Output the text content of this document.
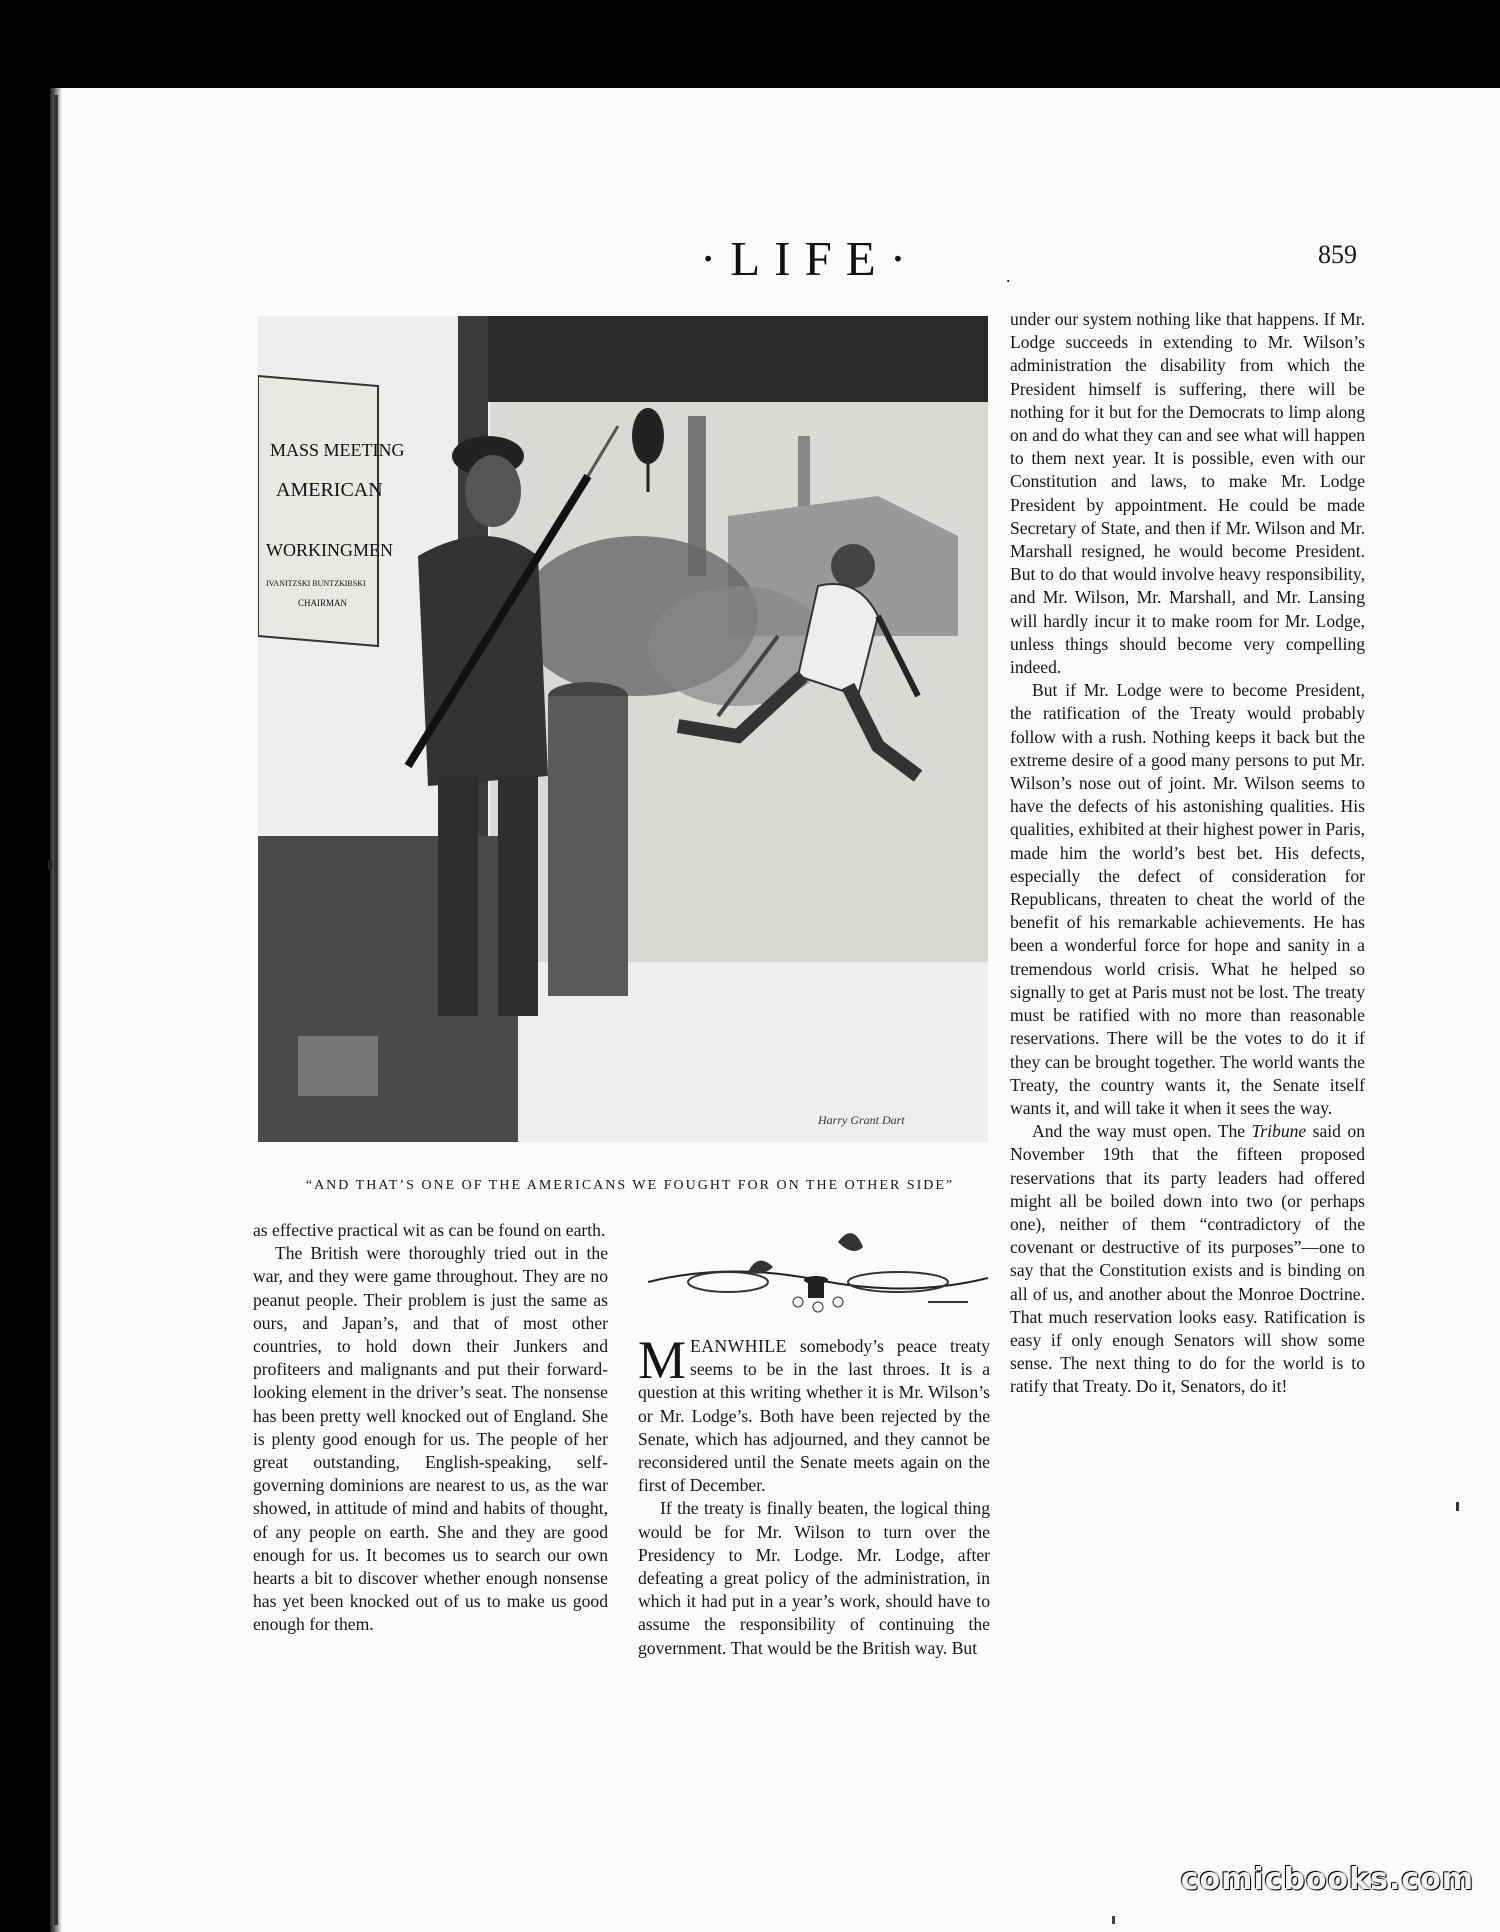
·LIFE·	859
.
MASS MEETING
AMERICAN
WORKINGMEN
IVANITZSKI BUNTZKIBSKI
CHAIRMAN
Harry Grant Dart
“AND THAT’S ONE OF THE AMERICANS WE FOUGHT FOR ON THE OTHER SIDE”

as effective practical wit as can be found on earth.

The British were thoroughly tried out in the war, and they were game throughout. They are no peanut people. Their problem is just the same as ours, and Japan’s, and that of most other countries, to hold down their Junkers and profiteers and malignants and put their forward-looking element in the driver’s seat. The nonsense has been pretty well knocked out of England. She is plenty good enough for us. The people of her great outstanding, English-speaking, self-governing dominions are nearest to us, as the war showed, in attitude of mind and habits of thought, of any people on earth. She and they are good enough for us. It becomes us to search our own hearts a bit to discover whether enough nonsense has yet been knocked out of us to make us good enough for them.

MEANWHILE somebody’s peace treaty seems to be in the last throes. It is a question at this writing whether it is Mr. Wilson’s or Mr. Lodge’s. Both have been rejected by the Senate, which has adjourned, and they cannot be reconsidered until the Senate meets again on the first of December.

If the treaty is finally beaten, the logical thing would be for Mr. Wilson to turn over the Presidency to Mr. Lodge. Mr. Lodge, after defeating a great policy of the administration, in which it had put in a year’s work, should have to assume the responsibility of continuing the government. That would be the British way. But

under our system nothing like that happens. If Mr. Lodge succeeds in extending to Mr. Wilson’s administration the disability from which the President himself is suffering, there will be nothing for it but for the Democrats to limp along on and do what they can and see what will happen to them next year. It is possible, even with our Constitution and laws, to make Mr. Lodge President by appointment. He could be made Secretary of State, and then if Mr. Wilson and Mr. Marshall resigned, he would become President. But to do that would involve heavy responsibility, and Mr. Wilson, Mr. Marshall, and Mr. Lansing will hardly incur it to make room for Mr. Lodge, unless things should become very compelling indeed.

But if Mr. Lodge were to become President, the ratification of the Treaty would probably follow with a rush. Nothing keeps it back but the extreme desire of a good many persons to put Mr. Wilson’s nose out of joint. Mr. Wilson seems to have the defects of his astonishing qualities. His qualities, exhibited at their highest power in Paris, made him the world’s best bet. His defects, especially the defect of consideration for Republicans, threaten to cheat the world of the benefit of his remarkable achievements. He has been a wonderful force for hope and sanity in a tremendous world crisis. What he helped so signally to get at Paris must not be lost. The treaty must be ratified with no more than reasonable reservations. There will be the votes to do it if they can be brought together. The world wants the Treaty, the country wants it, the Senate itself wants it, and will take it when it sees the way.

And the way must open. The Tribune said on November 19th that the fifteen proposed reservations that its party leaders had offered might all be boiled down into two (or perhaps one), neither of them “contradictory of the covenant or destructive of its purposes”—one to say that the Constitution exists and is binding on all of us, and another about the Monroe Doctrine. That much reservation looks easy. Ratification is easy if only enough Senators will show some sense. The next thing to do for the world is to ratify that Treaty. Do it, Senators, do it!

comicbooks.com
